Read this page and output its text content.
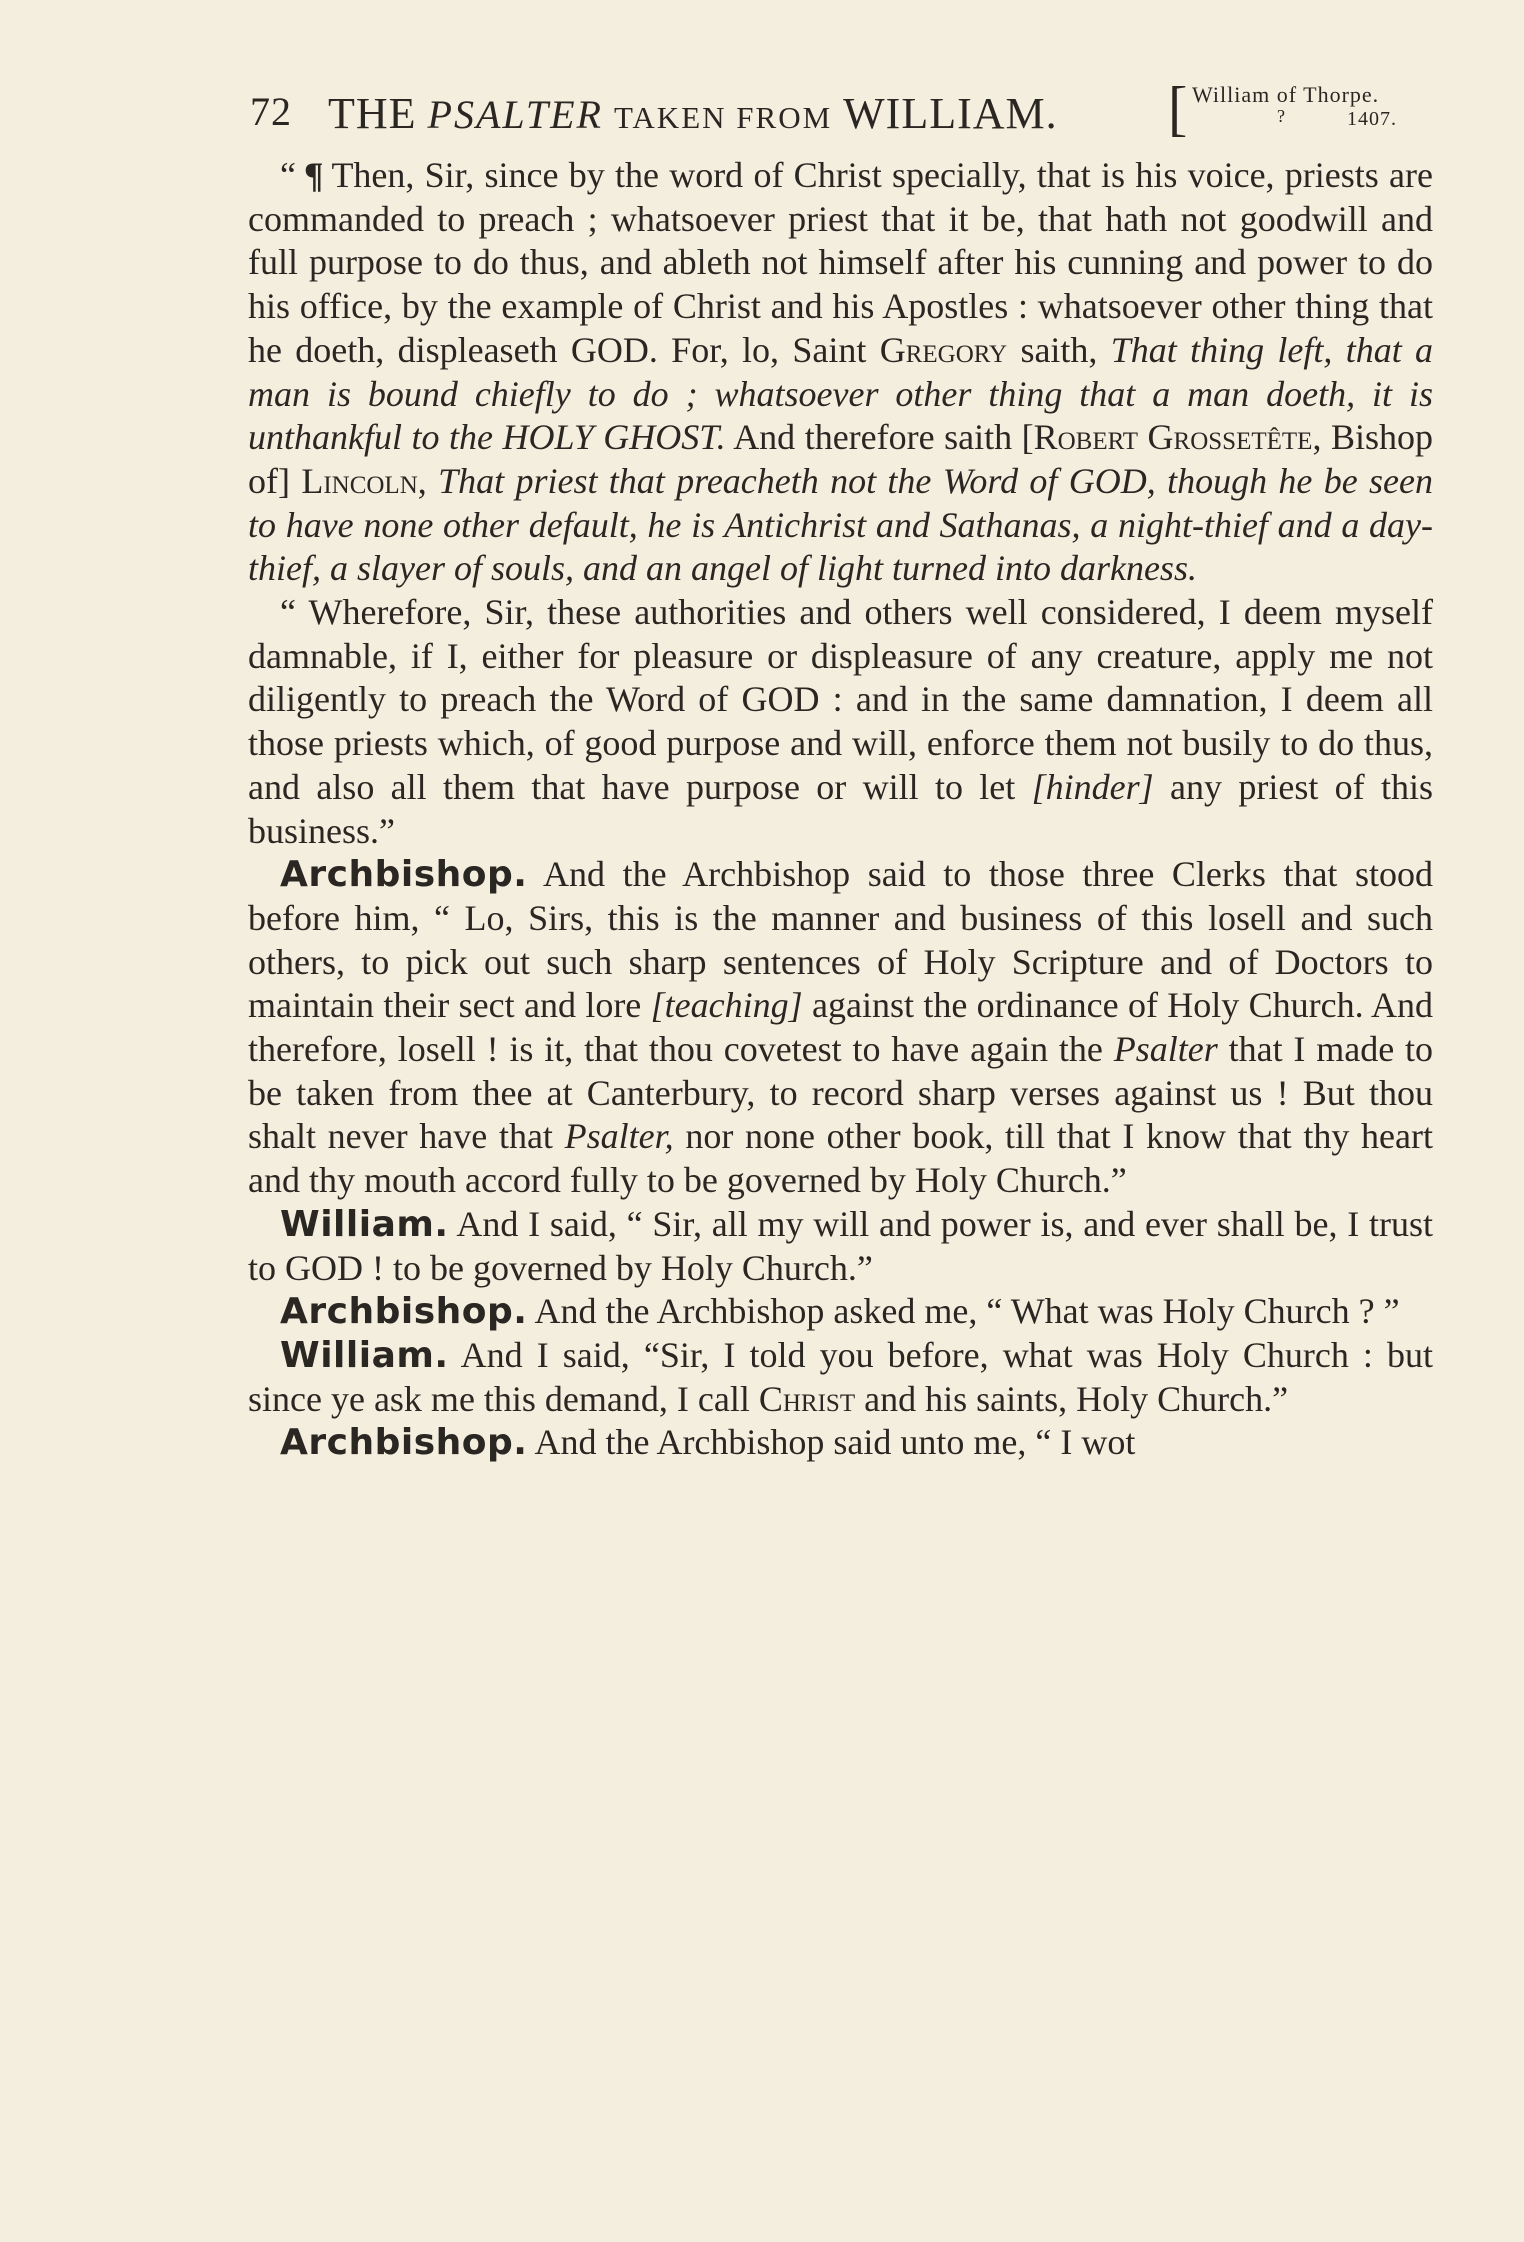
72 THE PSALTER TAKEN FROM WILLIAM. [ William of Thorpe.
?	1407.

“ ¶ Then, Sir, since by the word of Christ specially, that is his voice, priests are commanded to preach ; whatsoever priest that it be, that hath not goodwill and full purpose to do thus, and ableth not himself after his cunning and power to do his office, by the example of Christ and his Apostles : whatsoever other thing that he doeth, displeaseth GOD. For, lo, Saint Gregory saith, That thing left, that a man is bound chiefly to do ; whatsoever other thing that a man doeth, it is unthankful to the HOLY GHOST. And therefore saith [Robert Grossetête, Bishop of] Lincoln, That priest that preacheth not the Word of GOD, though he be seen to have none other default, he is Antichrist and Sathanas, a night-thief and a day-thief, a slayer of souls, and an angel of light turned into darkness.

“ Wherefore, Sir, these authorities and others well considered, I deem myself damnable, if I, either for pleasure or displeasure of any creature, apply me not diligently to preach the Word of GOD : and in the same damnation, I deem all those priests which, of good purpose and will, enforce them not busily to do thus, and also all them that have purpose or will to let [hinder] any priest of this business.”

Archbishop. And the Archbishop said to those three Clerks that stood before him, “ Lo, Sirs, this is the manner and business of this losell and such others, to pick out such sharp sentences of Holy Scripture and of Doctors to maintain their sect and lore [teaching] against the ordinance of Holy Church. And therefore, losell ! is it, that thou covetest to have again the Psalter that I made to be taken from thee at Canterbury, to record sharp verses against us ! But thou shalt never have that Psalter, nor none other book, till that I know that thy heart and thy mouth accord fully to be governed by Holy Church.”

William. And I said, “ Sir, all my will and power is, and ever shall be, I trust to GOD ! to be governed by Holy Church.”

Archbishop. And the Archbishop asked me, “ What was Holy Church ? ”

William. And I said, “Sir, I told you before, what was Holy Church : but since ye ask me this demand, I call Christ and his saints, Holy Church.”

Archbishop. And the Archbishop said unto me, “ I wot
